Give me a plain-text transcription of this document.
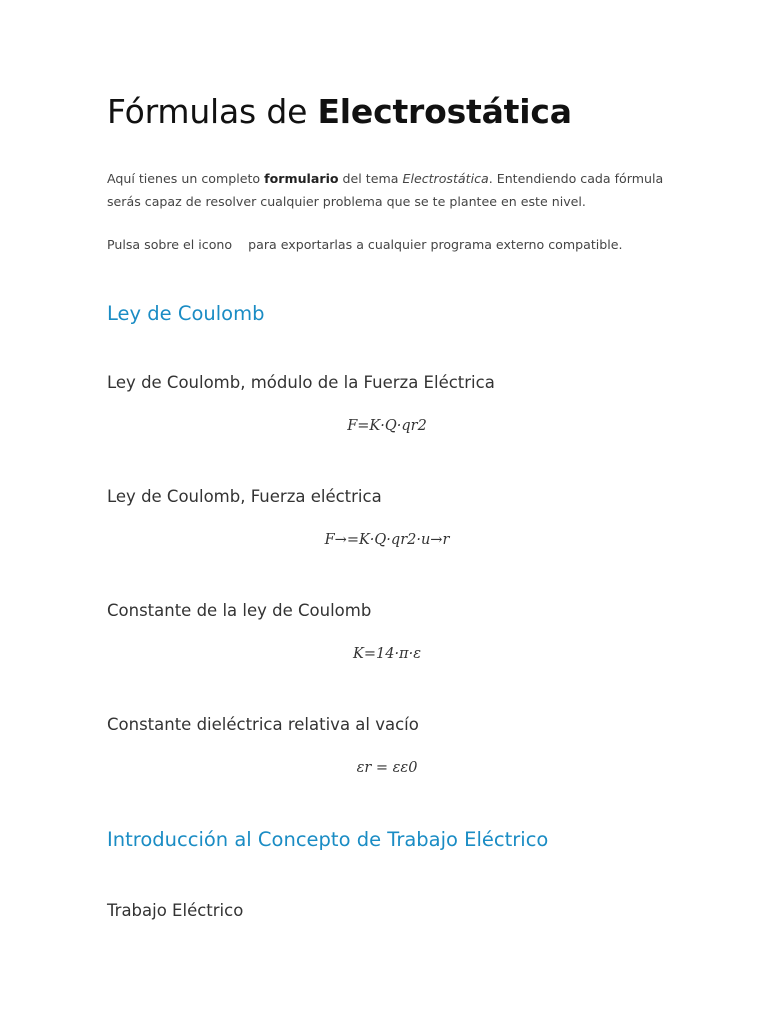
Fórmulas de Electrostática

Aquí tienes un completo formulario del tema Electrostática. Entendiendo cada fórmula serás capaz de resolver cualquier problema que se te plantee en este nivel.

Pulsa sobre el icono  para exportarlas a cualquier programa externo compatible.

Ley de Coulomb
Ley de Coulomb, módulo de la Fuerza Eléctrica
F=K·Q·qr2
Ley de Coulomb, Fuerza eléctrica
F→=K·Q·qr2·u→r
Constante de la ley de Coulomb
K=14·π·ε
Constante dieléctrica relativa al vacío
εr = εε0
Introducción al Concepto de Trabajo Eléctrico
Trabajo Eléctrico
